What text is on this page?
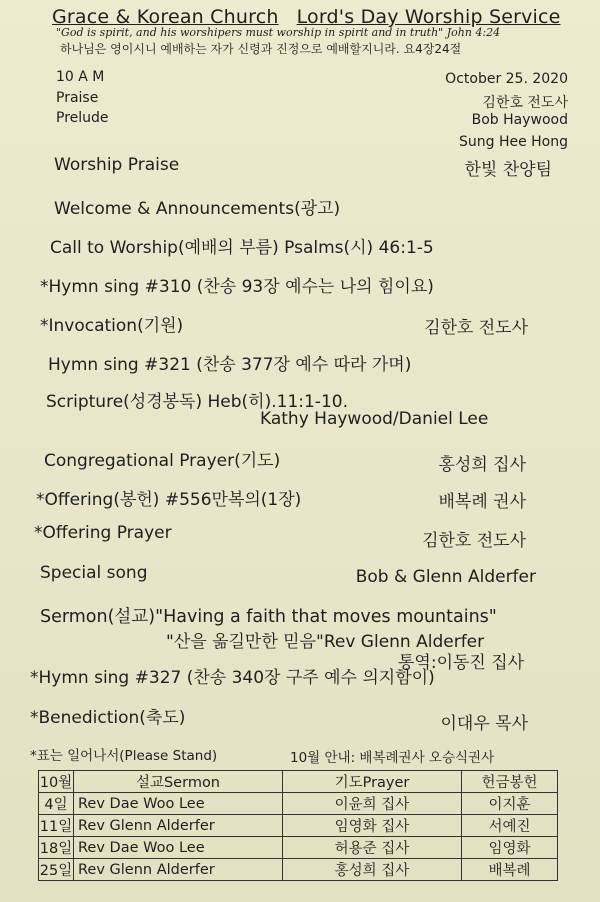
Grace & Korean Church Lord's Day Worship Service
"God is spirit, and his worshipers must worship in spirit and in truth" John 4:24
하나님은 영이시니 예배하는 자가 신령과 진정으로 예배할지니라. 요4장24절
10 A M	October 25. 2020
Praise	김한호 전도사
Prelude	Bob Haywood
Sung Hee Hong
Worship Praise	한빛 찬양팀
Welcome & Announcements(광고)
Call to Worship(예배의 부름) Psalms(시) 46:1-5
*Hymn sing #310 (찬송 93장 예수는 나의 힘이요)
*Invocation(기원)	김한호 전도사
Hymn sing #321 (찬송 377장 예수 따라 가며)
Scripture(성경봉독) Heb(히).11:1-10.
Kathy Haywood/Daniel Lee
Congregational Prayer(기도)	홍성희 집사
*Offering(봉헌) #556만복의(1장)	배복례 권사
*Offering Prayer	김한호 전도사
Special song	Bob & Glenn Alderfer
Sermon(설교)"Having a faith that moves mountains"
"산을 옮길만한 믿음"Rev Glenn Alderfer
통역:이동진 집사
*Hymn sing #327 (찬송 340장 구주 예수 의지함이)
*Benediction(축도)	이대우 목사
*표는 일어나서(Please Stand)	10월 안내: 배복례권사 오승식권사
10월	설교Sermon	기도Prayer	헌금봉헌
4일	Rev Dae Woo Lee	이윤희 집사	이지훈
11일	Rev Glenn Alderfer	임영화 집사	서예진
18일	Rev Dae Woo Lee	허용준 집사	임영화
25일	Rev Glenn Alderfer	홍성희 집사	배복례
